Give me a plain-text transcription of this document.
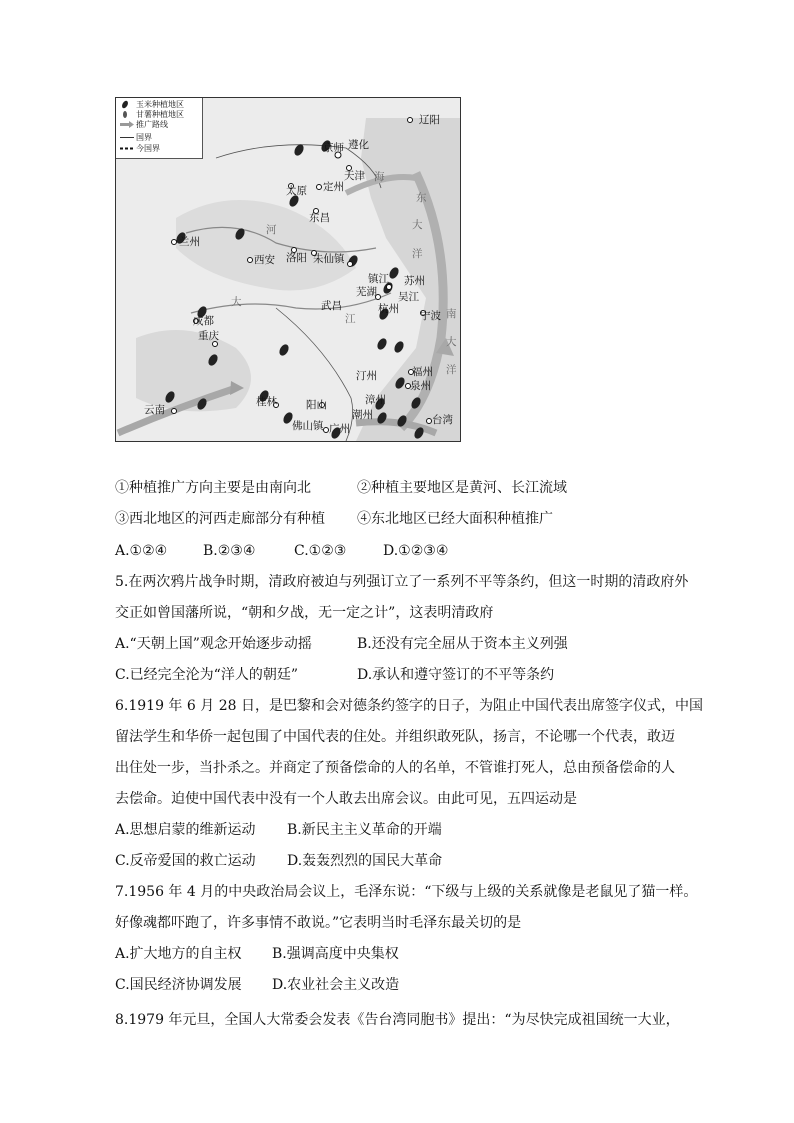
玉米种植地区
甘薯种植地区
推广路线
国界
今国界
辽阳
京师 遵化
天津
太原 定州
东昌
兰州
西安 洛阳 朱仙镇
镇江 苏州
芜湖 吴江
杭州
宁波
武昌
成都
重庆
福州
汀州
泉州
漳州
潮州	台湾
桂林	阳山
佛山镇 广州
云南
河
海
东
大
洋
南
大
洋
江
大
①种植推广方向主要是由南向北	②种植主要地区是黄河、长江流域
③西北地区的河西走廊部分有种植 ④东北地区已经大面积种植推广
A.①②④	B.②③④	C.①②③	D.①②③④
5.在两次鸦片战争时期，清政府被迫与列强订立了一系列不平等条约，但这一时期的清政府外
交正如曾国藩所说，“朝和夕战，无一定之计”，这表明清政府
A.“天朝上国”观念开始逐步动摇	B.还没有完全屈从于资本主义列强
C.已经完全沦为“洋人的朝廷”	D.承认和遵守签订的不平等条约
6.1919 年 6 月 28 日，是巴黎和会对德条约签字的日子，为阻止中国代表出席签字仪式，中国
留法学生和华侨一起包围了中国代表的住处。并组织敢死队，扬言，不论哪一个代表，敢迈
出住处一步，当扑杀之。并商定了预备偿命的人的名单，不管谁打死人，总由预备偿命的人
去偿命。迫使中国代表中没有一个人敢去出席会议。由此可见，五四运动是
A.思想启蒙的维新运动 B.新民主主义革命的开端
C.反帝爱国的救亡运动 D.轰轰烈烈的国民大革命
7.1956 年 4 月的中央政治局会议上，毛泽东说：“下级与上级的关系就像是老鼠见了猫一样。
好像魂都吓跑了，许多事情不敢说。”它表明当时毛泽东最关切的是
A.扩大地方的自主权 B.强调高度中央集权
C.国民经济协调发展 D.农业社会主义改造
8.1979 年元旦，全国人大常委会发表《告台湾同胞书》提出：“为尽快完成祖国统一大业，
